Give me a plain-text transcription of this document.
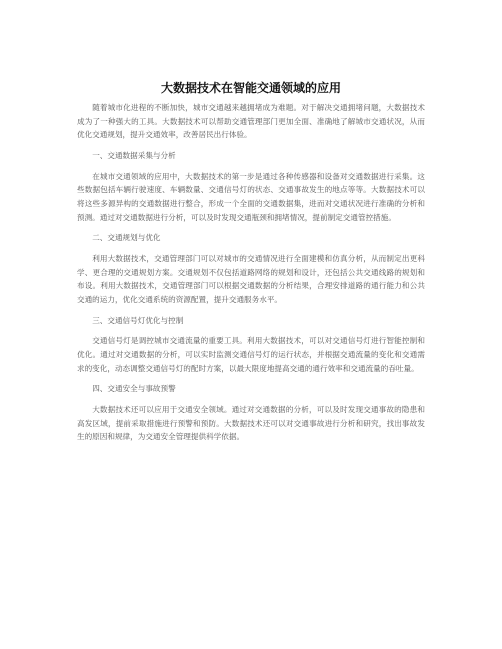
大数据技术在智能交通领域的应用

随着城市化进程的不断加快，城市交通越来越拥堵成为难题。对于解决交通拥堵问题，大数据技术成为了一种强大的工具。大数据技术可以帮助交通管理部门更加全面、准确地了解城市交通状况，从而优化交通规划，提升交通效率，改善居民出行体验。

一、交通数据采集与分析

在城市交通领域的应用中，大数据技术的第一步是通过各种传感器和设备对交通数据进行采集。这些数据包括车辆行驶速度、车辆数量、交通信号灯的状态、交通事故发生的地点等等。大数据技术可以将这些多源异构的交通数据进行整合，形成一个全面的交通数据集，进而对交通状况进行准确的分析和预测。通过对交通数据进行分析，可以及时发现交通瓶颈和拥堵情况，提前制定交通管控措施。

二、交通规划与优化

利用大数据技术，交通管理部门可以对城市的交通情况进行全面建模和仿真分析，从而制定出更科学、更合理的交通规划方案。交通规划不仅包括道路网络的规划和设计，还包括公共交通线路的规划和布设。利用大数据技术，交通管理部门可以根据交通数据的分析结果，合理安排道路的通行能力和公共交通的运力，优化交通系统的资源配置，提升交通服务水平。

三、交通信号灯优化与控制

交通信号灯是调控城市交通流量的重要工具。利用大数据技术，可以对交通信号灯进行智能控制和优化。通过对交通数据的分析，可以实时监测交通信号灯的运行状态，并根据交通流量的变化和交通需求的变化，动态调整交通信号灯的配时方案，以最大限度地提高交通的通行效率和交通流量的吞吐量。

四、交通安全与事故预警

大数据技术还可以应用于交通安全领域。通过对交通数据的分析，可以及时发现交通事故的隐患和高发区域，提前采取措施进行预警和预防。大数据技术还可以对交通事故进行分析和研究，找出事故发生的原因和规律，为交通安全管理提供科学依据。
